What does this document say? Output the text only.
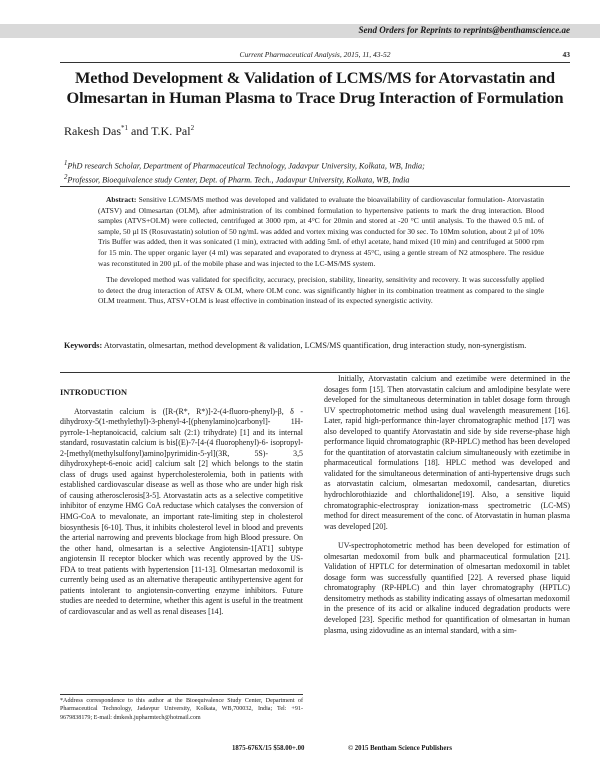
Send Orders for Reprints to reprints@benthamscience.ae
Current Pharmaceutical Analysis, 2015, 11, 43-52	43
Method Development & Validation of LCMS/MS for Atorvastatin and Olmesartan in Human Plasma to Trace Drug Interaction of Formulation
Rakesh Das$^{*1}$ and T.K. Pal$^2$
$^1$PhD research Scholar, Department of Pharmaceutical Technology, Jadavpur University, Kolkata, WB, India;
$^2$Professor, Bioequivalence study Center, Dept. of Pharm. Tech., Jadavpur University, Kolkata, WB, India

Abstract: Sensitive LC/MS/MS method was developed and validated to evaluate the bioavailability of cardiovascular formulation- Atorvastatin (ATSV) and Olmesartan (OLM), after administration of its combined formulation to hypertensive patients to mark the drug interaction. Blood samples (ATVS+OLM) were collected, centrifuged at 3000 rpm, at 4°C for 20min and stored at -20 °C until analysis. To the thawed 0.5 mL of sample, 50 µl IS (Rosuvastatin) solution of 50 ng/mL was added and vortex mixing was conducted for 30 sec. To 10Mm solution, about 2 µl of 10% Tris Buffer was added, then it was sonicated (1 min), extracted with adding 5mL of ethyl acetate, hand mixed (10 min) and centrifuged at 5000 rpm for 15 min. The upper organic layer (4 ml) was separated and evaporated to dryness at 45°C, using a gentle stream of N2 atmosphere. The residue was reconstituted in 200 µL of the mobile phase and was injected to the LC-MS/MS system.

The developed method was validated for specificity, accuracy, precision, stability, linearity, sensitivity and recovery. It was successfully applied to detect the drug interaction of ATSV & OLM, where OLM conc. was significantly higher in its combination treatment as compared to the single OLM treatment. Thus, ATSV+OLM is least effective in combination instead of its expected synergistic activity.

Keywords: Atorvastatin, olmesartan, method development & validation, LCMS/MS quantification, drug interaction study, non-synergistism.

INTRODUCTION

Atorvastatin calcium is ([R-(R*, R*)]-2-(4-fluoro-phenyl)-β, δ - dihydroxy-5(1-methylethyl)-3-phenyl-4-[(phenylamino)carbonyl]- 1H-pyrrole-1-heptanoicacid, calcium salt (2:1) trihydrate) [1] and its internal standard, rosuvastatin calcium is bis[(E)-7-[4-(4 fluorophenyl)-6- isopropyl-2-[methyl(methylsulfonyl)amino]pyrimidin-5-yl](3R, 5S)- 3,5 dihydroxyhept-6-enoic acid] calcium salt [2] which belongs to the statin class of drugs used against hypercholesterolemia, both in patients with established cardiovascular disease as well as those who are under high risk of causing atherosclerosis[3-5]. Atorvastatin acts as a selective competitive inhibitor of enzyme HMG CoA reductase which catalyses the conversion of HMG-CoA to mevalonate, an important rate-limiting step in cholesterol biosynthesis [6-10]. Thus, it inhibits cholesterol level in blood and prevents the arterial narrowing and prevents blockage from high Blood pressure. On the other hand, olmesartan is a selective Angiotensin-1[AT1] subtype angiotensin II receptor blocker which was recently approved by the US-FDA to treat patients with hypertension [11-13]. Olmesartan medoxomil is currently being used as an alternative therapeutic antihypertensive agent for patients intolerant to angiotensin-converting enzyme inhibitors. Future studies are needed to determine, whether this agent is useful in the treatment of cardiovascular and as well as renal diseases [14].

Initially, Atorvastatin calcium and ezetimibe were determined in the dosages form [15]. Then atorvastatin calcium and amlodipine besylate were developed for the simultaneous determination in tablet dosage form through UV spectrophotometric method using dual wavelength measurement [16]. Later, rapid high-performance thin-layer chromatographic method [17] was also developed to quantify Atorvastatin and side by side reverse-phase high performance liquid chromatographic (RP-HPLC) method has been developed for the quantitation of atorvastatin calcium simultaneously with ezetimibe in pharmaceutical formulations [18]. HPLC method was developed and validated for the simultaneous determination of anti-hypertensive drugs such as atorvastatin calcium, olmesartan medoxomil, candesartan, diuretics hydrochlorothiazide and chlorthalidone[19]. Also, a sensitive liquid chromatographic-electrospray ionization-mass spectrometric (LC-MS) method for direct measurement of the conc. of Atorvastatin in human plasma was developed [20].

UV-spectrophotometric method has been developed for estimation of olmesartan medoxomil from bulk and pharmaceutical formulation [21]. Validation of HPTLC for determination of olmesartan medoxomil in tablet dosage form was successfully quantified [22]. A reversed phase liquid chromatography (RP-HPLC) and thin layer chromatography (HPTLC) densitometry methods as stability indicating assays of olmesartan medoxomil in the presence of its acid or alkaline induced degradation products were developed [23]. Specific method for quantification of olmesartan in human plasma, using zidovudine as an internal standard, with a sim-

*Address correspondence to this author at the Bioequivalence Study Center, Department of Pharmaceutical Technology, Jadavpur University, Kolkata, WB,700032, India; Tel: +91-9679838179; E-mail: dmkesh.jupharmtech@hotmail.com
1875-676X/15 $58.00+.00	© 2015 Bentham Science Publishers
